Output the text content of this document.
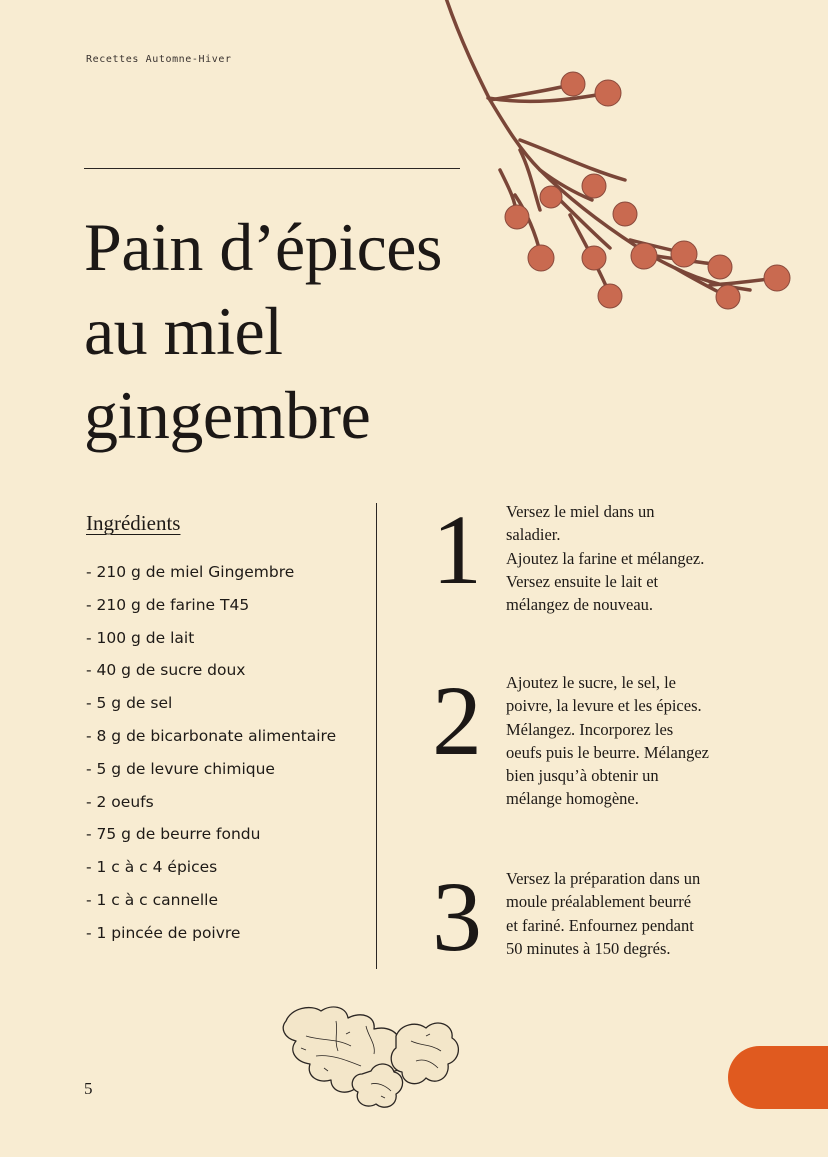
Recettes Automne-Hiver
Pain d’épices
au miel
gingembre
Ingrédients
- 210 g de miel Gingembre
- 210 g de farine T45
- 100 g de lait
- 40 g de sucre doux
- 5 g de sel
- 8 g de bicarbonate alimentaire
- 5 g de levure chimique
- 2 oeufs
- 75 g de beurre fondu
- 1 c à c 4 épices
- 1 c à c cannelle
- 1 pincée de poivre
1	Versez le miel dans un
saladier.
Ajoutez la farine et mélangez.
Versez ensuite le lait et
mélangez de nouveau.
2	Ajoutez le sucre, le sel, le
poivre, la levure et les épices.
Mélangez. Incorporez les
oeufs puis le beurre. Mélangez
bien jusqu’à obtenir un
mélange homogène.
3	Versez la préparation dans un
moule préalablement beurré
et fariné. Enfournez pendant
50 minutes à 150 degrés.
5
